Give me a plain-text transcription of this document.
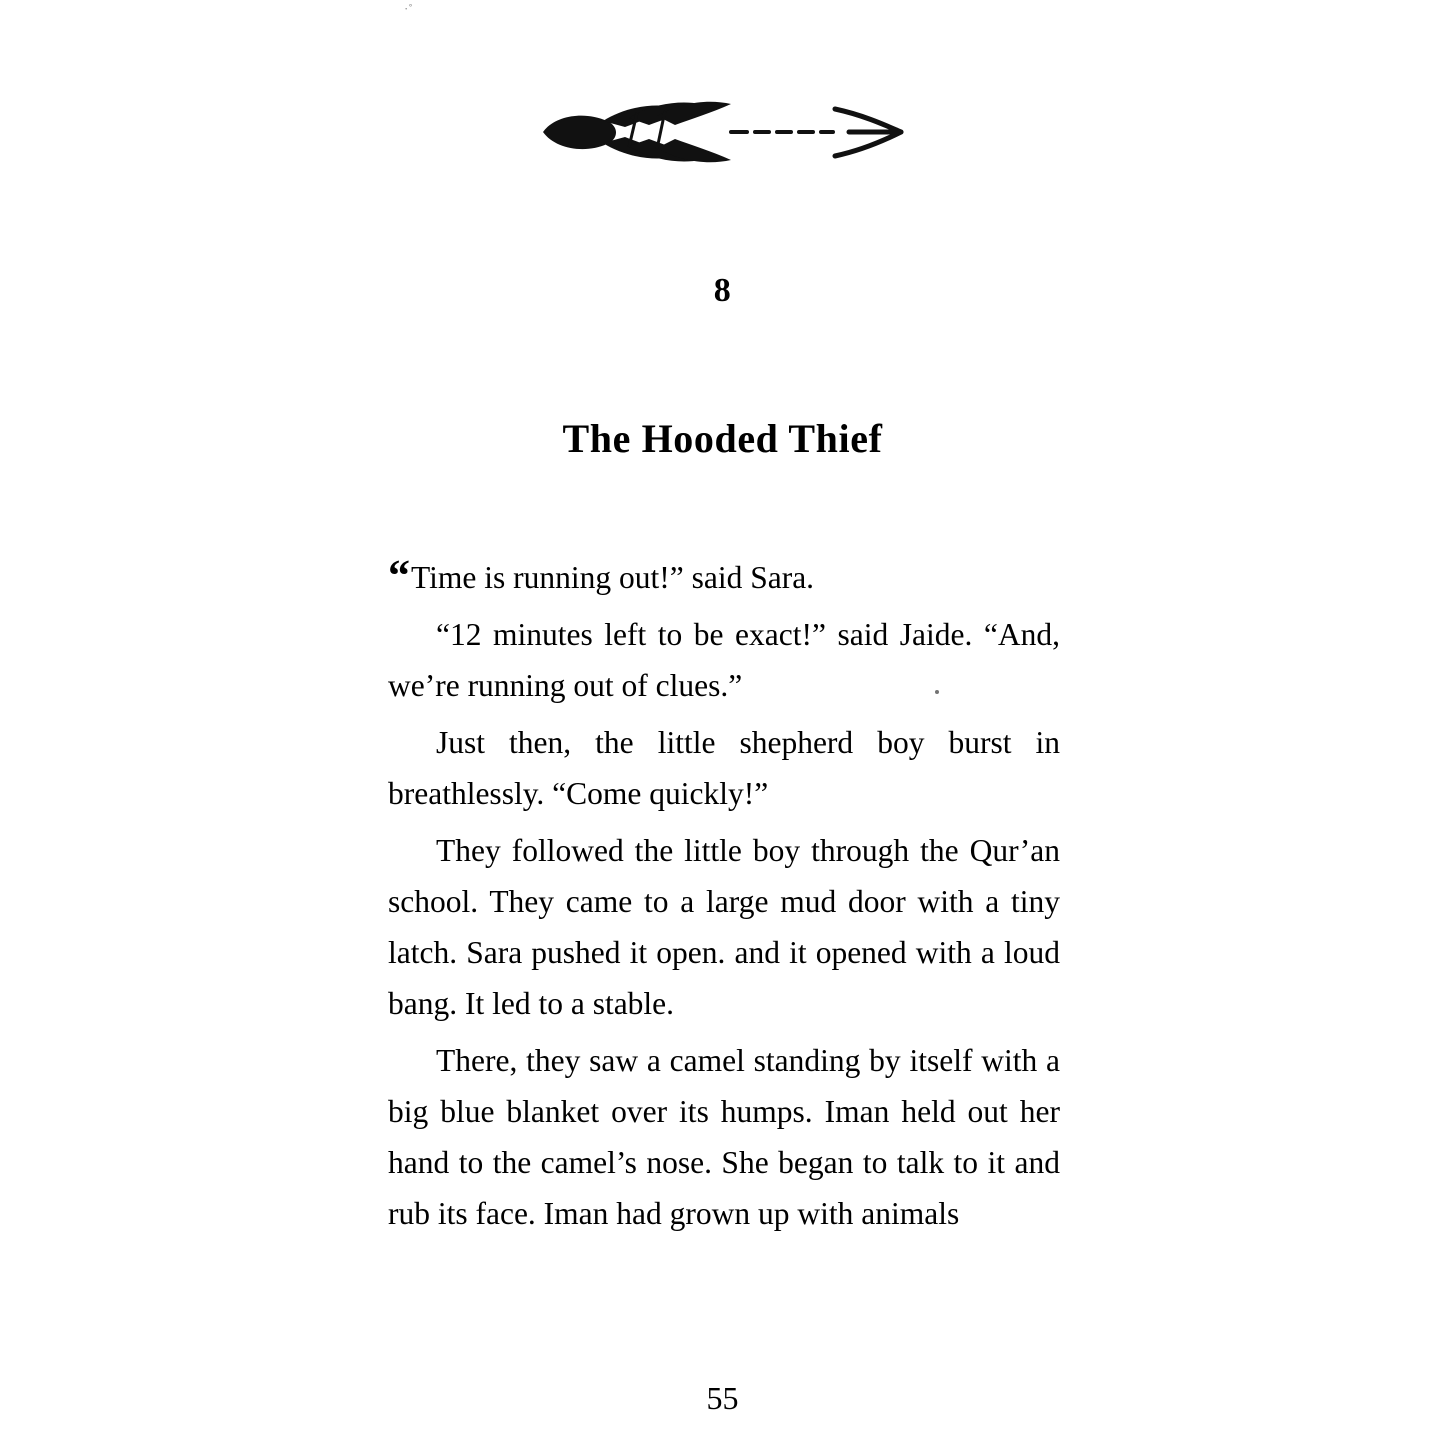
·˚
8
The Hooded Thief

“Time is running out!” said Sara.

“12 minutes left to be exact!” said Jaide. “And, we’re running out of clues.”

Just then, the little shepherd boy burst in breathlessly. “Come quickly!”

They followed the little boy through the Qur’an school. They came to a large mud door with a tiny latch. Sara pushed it open. and it opened with a loud bang. It led to a stable.

There, they saw a camel standing by itself with a big blue blanket over its humps. Iman held out her hand to the camel’s nose. She began to talk to it and rub its face. Iman had grown up with animals

55
